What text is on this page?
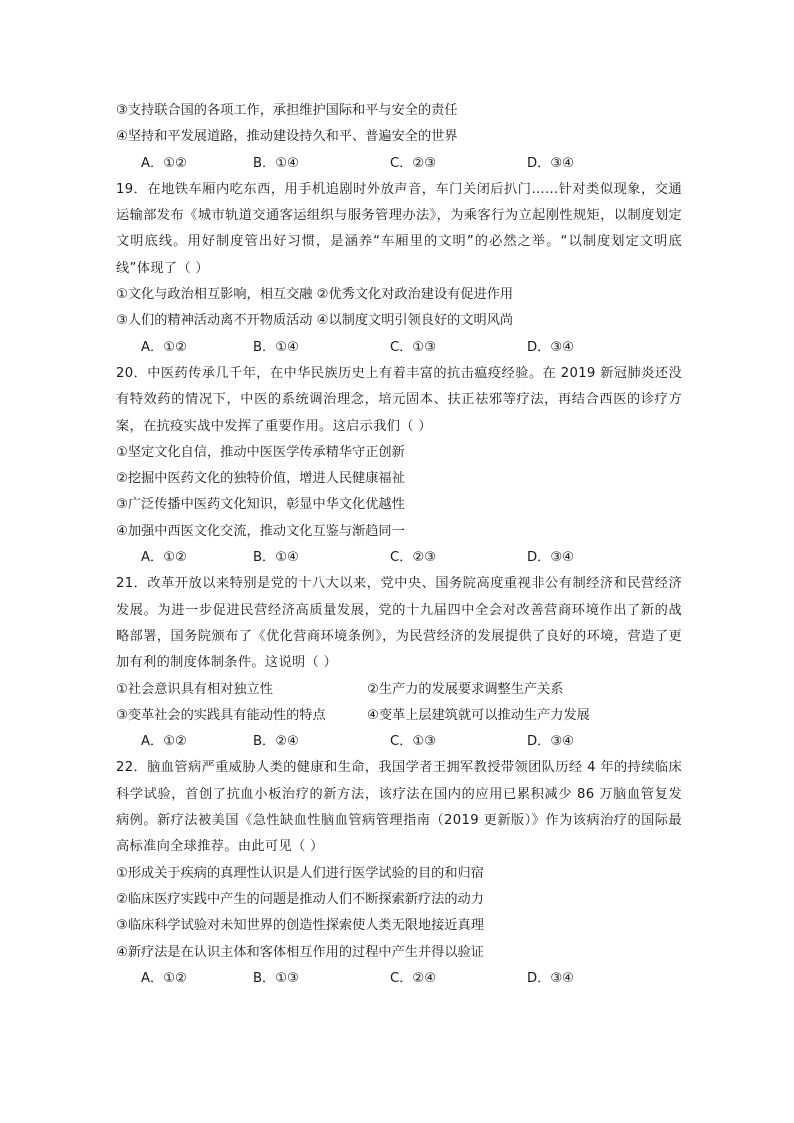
③支持联合国的各项工作，承担维护国际和平与安全的责任
④坚持和平发展道路，推动建设持久和平、普遍安全的世界
A．①②	B．①④	C．②③	D．③④
19．在地铁车厢内吃东西，用手机追剧时外放声音，车门关闭后扒门……针对类似现象，交通运输部发布《城市轨道交通客运组织与服务管理办法》，为乘客行为立起刚性规矩，以制度划定文明底线。用好制度管出好习惯，是涵养“车厢里的文明”的必然之举。“以制度划定文明底线”体现了（ ）
①文化与政治相互影响，相互交融 ②优秀文化对政治建设有促进作用
③人们的精神活动离不开物质活动 ④以制度文明引领良好的文明风尚
A．①②	B．①④	C．①③	D．③④
20．中医药传承几千年，在中华民族历史上有着丰富的抗击瘟疫经验。在 2019 新冠肺炎还没有特效药的情况下，中医的系统调治理念，培元固本、扶正祛邪等疗法，再结合西医的诊疗方案，在抗疫实战中发挥了重要作用。这启示我们（ ）
①坚定文化自信，推动中医医学传承精华守正创新
②挖掘中医药文化的独特价值，增进人民健康福祉
③广泛传播中医药文化知识，彰显中华文化优越性
④加强中西医文化交流，推动文化互鉴与渐趋同一
A．①②	B．①④	C．②③	D．③④
21．改革开放以来特别是党的十八大以来，党中央、国务院高度重视非公有制经济和民营经济发展。为进一步促进民营经济高质量发展，党的十九届四中全会对改善营商环境作出了新的战略部署，国务院颁布了《优化营商环境条例》，为民营经济的发展提供了良好的环境，营造了更加有利的制度体制条件。这说明（ ）
①社会意识具有相对独立性	②生产力的发展要求调整生产关系
③变革社会的实践具有能动性的特点	④变革上层建筑就可以推动生产力发展
A．①②	B．②④	C．①③	D．③④
22．脑血管病严重威胁人类的健康和生命，我国学者王拥军教授带领团队历经 4 年的持续临床科学试验，首创了抗血小板治疗的新方法，该疗法在国内的应用已累积减少 86 万脑血管复发病例。新疗法被美国《急性缺血性脑血管病管理指南（2019 更新版）》作为该病治疗的国际最高标准向全球推荐。由此可见（ ）
①形成关于疾病的真理性认识是人们进行医学试验的目的和归宿
②临床医疗实践中产生的问题是推动人们不断探索新疗法的动力
③临床科学试验对未知世界的创造性探索使人类无限地接近真理
④新疗法是在认识主体和客体相互作用的过程中产生并得以验证
A．①②	B．①③	C．②④	D．③④
